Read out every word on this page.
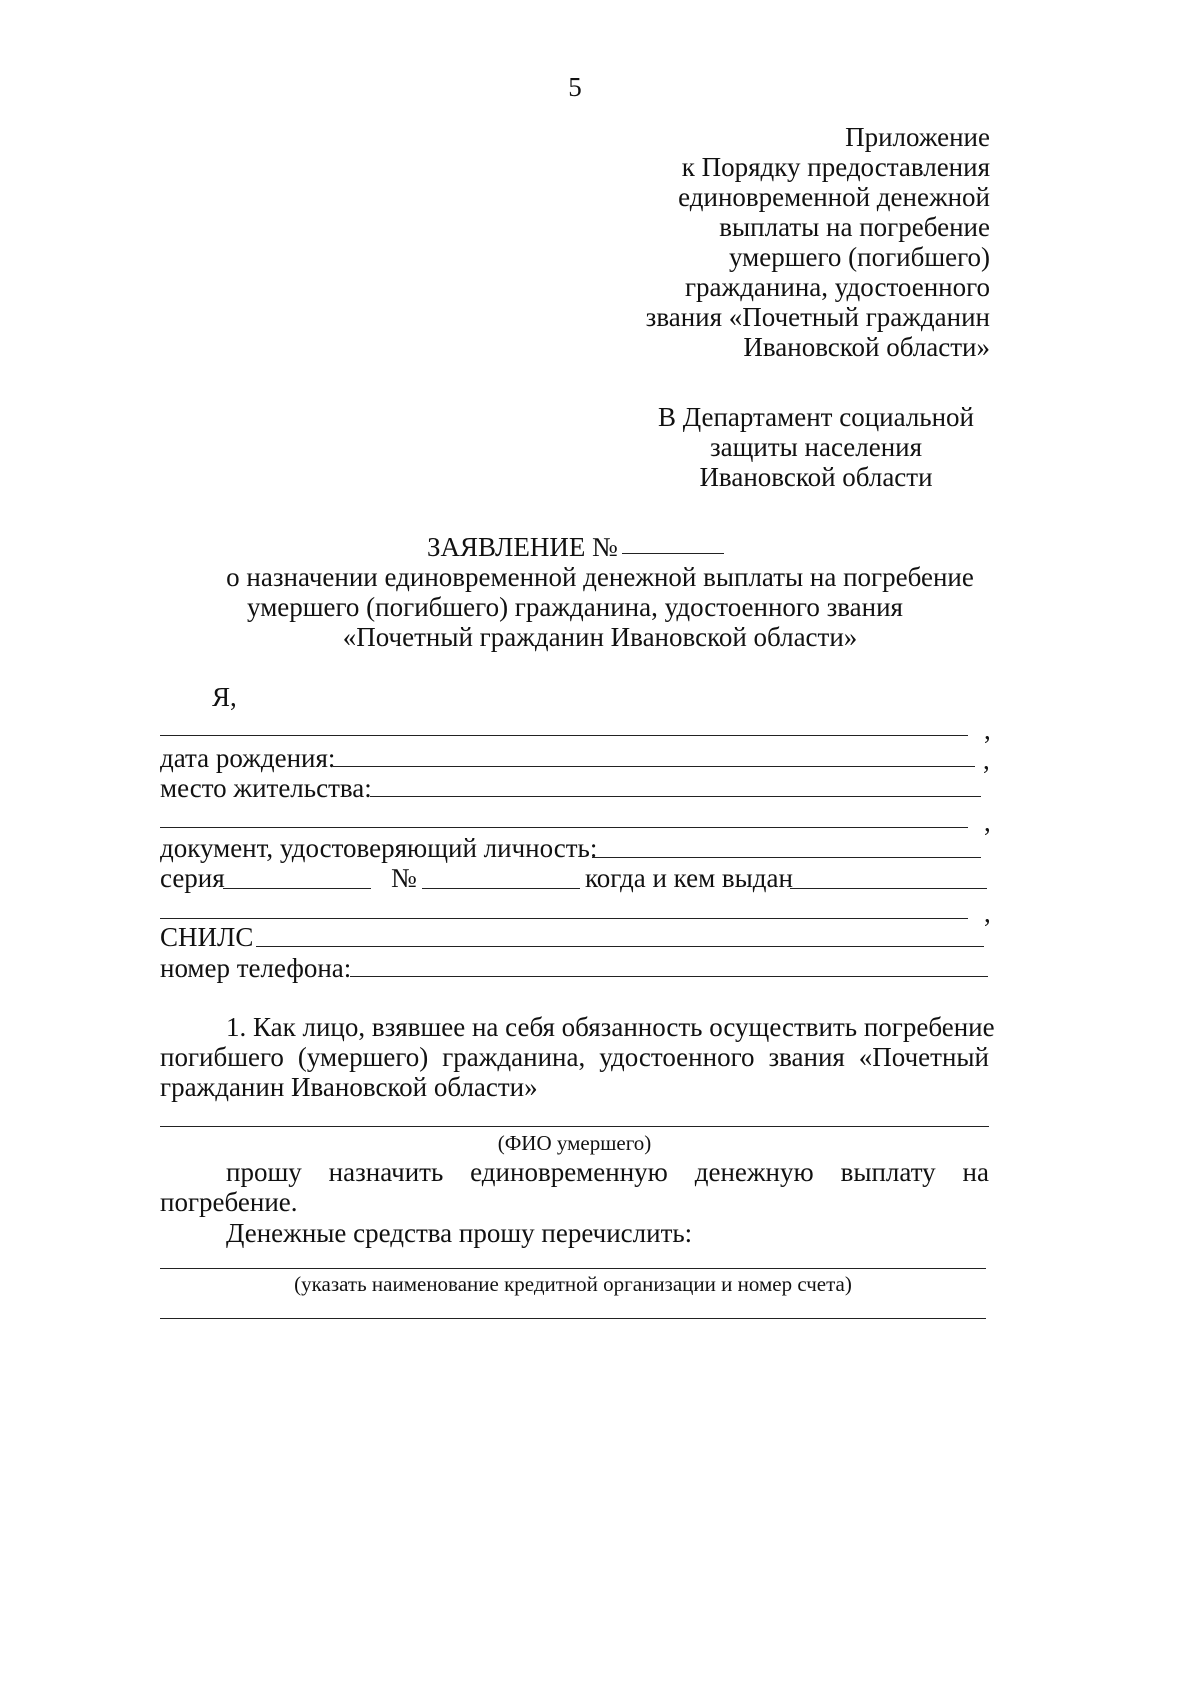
5
Приложение
к Порядку предоставления
единовременной денежной
выплаты на погребение
умершего (погибшего)
гражданина, удостоенного
звания «Почетный гражданин
Ивановской области»
В Департамент социальной
защиты населения
Ивановской области
ЗАЯВЛЕНИЕ №
о назначении единовременной денежной выплаты на погребение
умершего (погибшего) гражданина, удостоенного звания
«Почетный гражданин Ивановской области»
Я,
,
дата рождения:	,
место жительства:
,
документ, удостоверяющий личность:
серия	№	когда и кем выдан
,
СНИЛС
номер телефона:
1. Как лицо, взявшее на себя обязанность осуществить погребение
погибшего (умершего) гражданина, удостоенного звания «Почетный
гражданин Ивановской области»
(ФИО умершего)
прошу назначить единовременную денежную выплату на
погребение.
Денежные средства прошу перечислить:
(указать наименование кредитной организации и номер счета)
